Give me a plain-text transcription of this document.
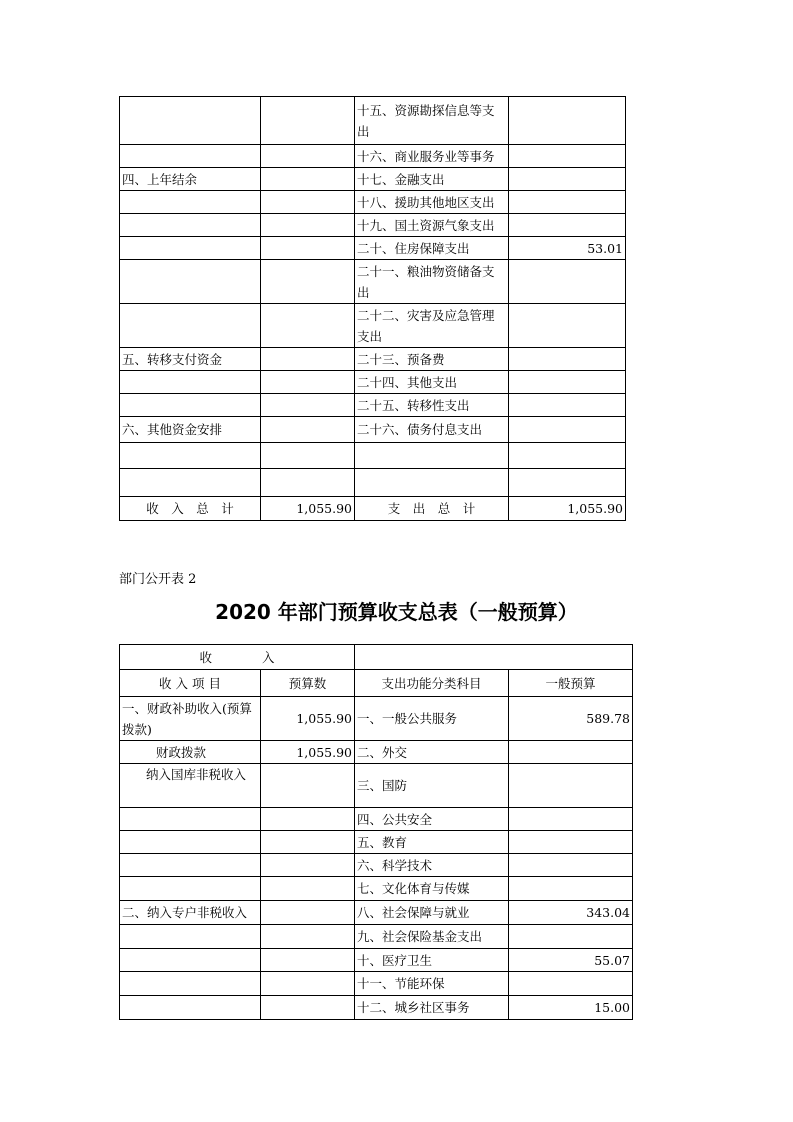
		十五、资源勘探信息等支出	
		十六、商业服务业等事务	
四、上年结余		十七、金融支出	
		十八、援助其他地区支出	
		十九、国土资源气象支出	
		二十、住房保障支出	53.01
		二十一、粮油物资储备支出	
		二十二、灾害及应急管理支出	
五、转移支付资金		二十三、预备费	
		二十四、其他支出	
		二十五、转移性支出	
六、其他资金安排		二十六、债务付息支出	

收　入　总　计	1,055.90	支　出　总　计	1,055.90
部门公开表 2
2020 年部门预算收支总表（一般预算）
收　　　　入			
收 入 项 目	预算数	支出功能分类科目	一般预算
一、财政补助收入(预算拨款)	1,055.90	一、一般公共服务	589.78
财政拨款	1,055.90	二、外交	
纳入国库非税收入		三、国防	
		四、公共安全	
		五、教育	
		六、科学技术	
		七、文化体育与传媒	
二、纳入专户非税收入		八、社会保障与就业	343.04
		九、社会保险基金支出	
		十、医疗卫生	55.07
		十一、节能环保	
		十二、城乡社区事务	15.00
